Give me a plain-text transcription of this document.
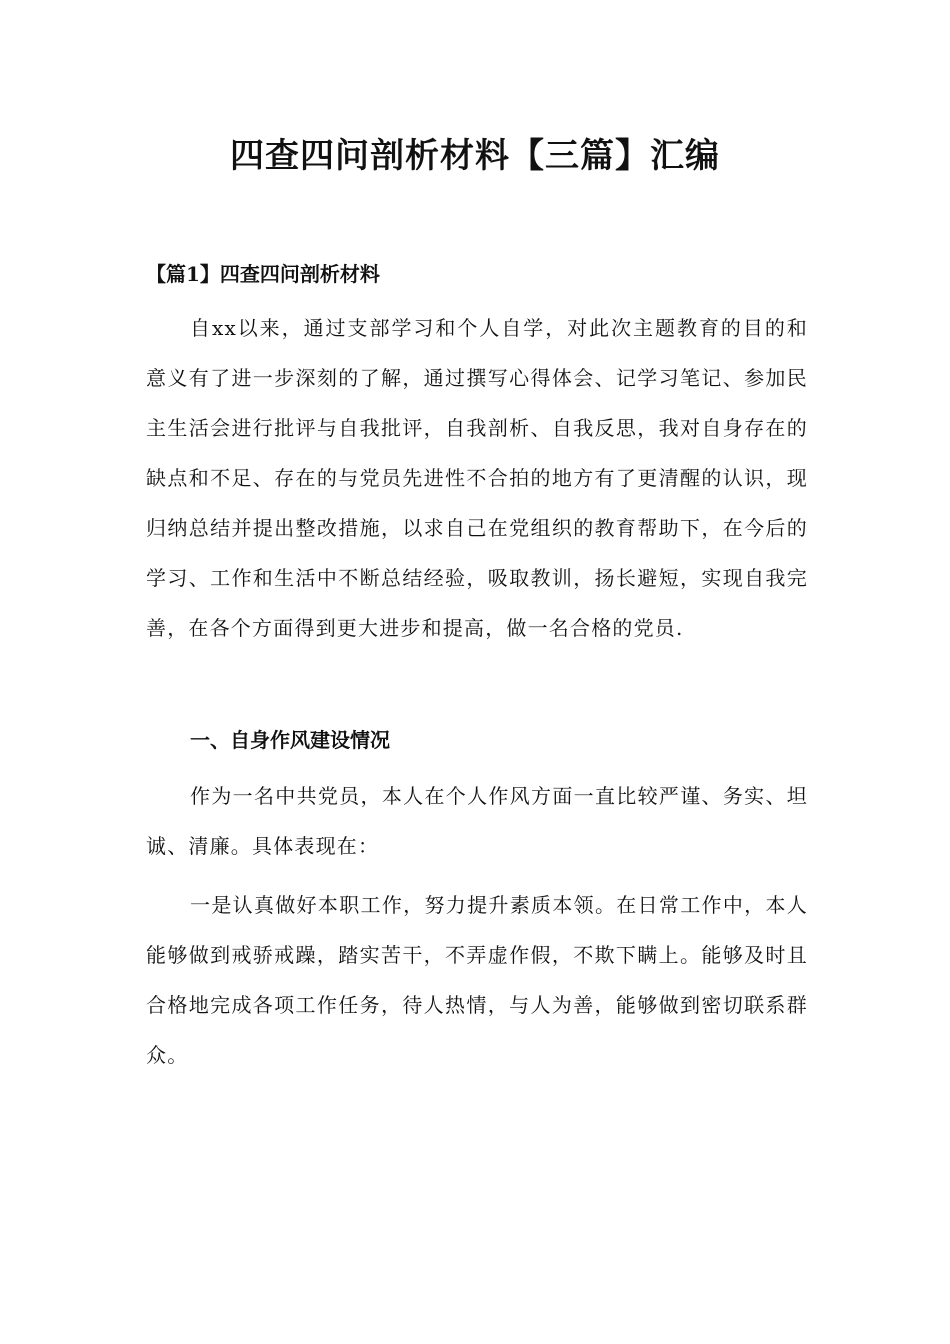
四查四问剖析材料【三篇】汇编
【篇1】四查四问剖析材料

自xx以来，通过支部学习和个人自学，对此次主题教育的目的和意义有了进一步深刻的了解，通过撰写心得体会、记学习笔记、参加民主生活会进行批评与自我批评，自我剖析、自我反思，我对自身存在的缺点和不足、存在的与党员先进性不合拍的地方有了更清醒的认识，现归纳总结并提出整改措施，以求自己在党组织的教育帮助下，在今后的学习、工作和生活中不断总结经验，吸取教训，扬长避短，实现自我完善，在各个方面得到更大进步和提高，做一名合格的党员.

一、自身作风建设情况

作为一名中共党员，本人在个人作风方面一直比较严谨、务实、坦诚、清廉。具体表现在：

一是认真做好本职工作，努力提升素质本领。在日常工作中，本人能够做到戒骄戒躁，踏实苦干，不弄虚作假，不欺下瞒上。能够及时且合格地完成各项工作任务，待人热情，与人为善，能够做到密切联系群众。
